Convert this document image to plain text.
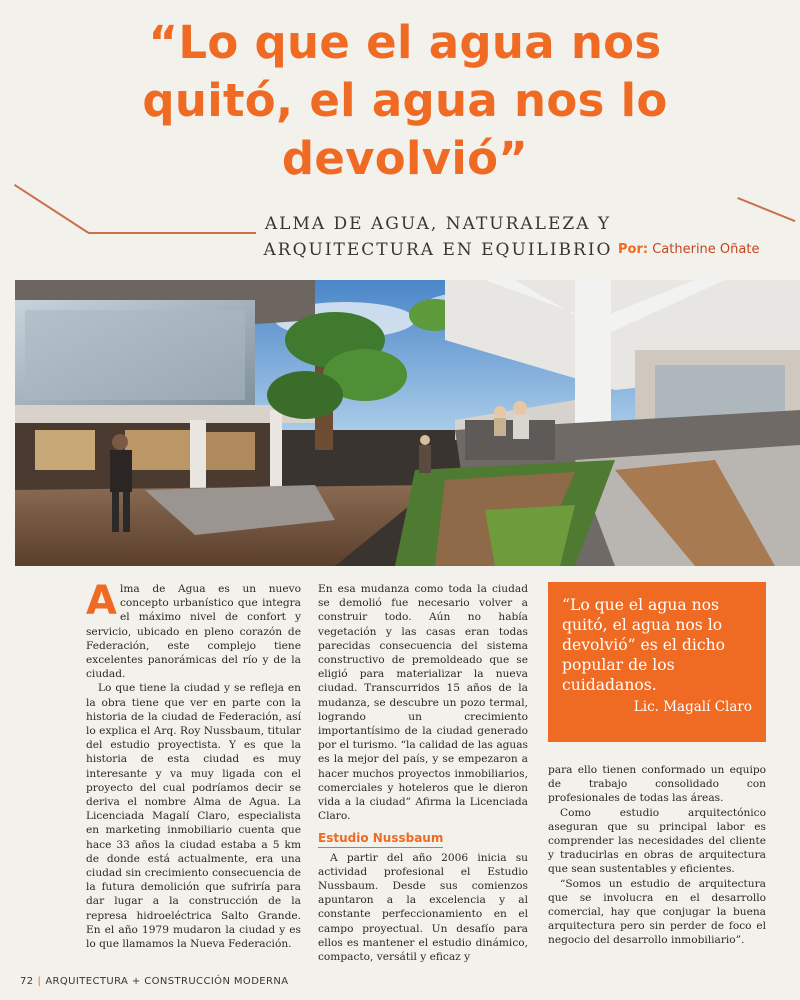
“Lo que el agua nos
quitó, el agua nos lo
devolvió”
ALMA DE AGUA, NATURALEZA Y
ARQUITECTURA EN EQUILIBRIO Por: Catherine Oñate

Alma de Agua es un nuevo concepto urbanístico que integra el máximo nivel de confort y servicio, ubicado en pleno corazón de Federación, este complejo tiene excelentes panorámicas del río y de la ciudad.

Lo que tiene la ciudad y se refleja en la obra tiene que ver en parte con la historia de la ciudad de Federación, así lo explica el Arq. Roy Nussbaum, titular del estudio proyectista. Y es que la historia de esta ciudad es muy interesante y va muy ligada con el proyecto del cual podríamos decir se deriva el nombre Alma de Agua. La Licenciada Magalí Claro, especialista en marketing inmobiliario cuenta que hace 33 años la ciudad estaba a 5 km de donde está actualmente, era una ciudad sin crecimiento consecuencia de la futura demolición que sufriría para dar lugar a la construcción de la represa hidroeléctrica Salto Grande. En el año 1979 mudaron la ciudad y es lo que llamamos la Nueva Federación.

En esa mudanza como toda la ciudad se demolió fue necesario volver a construir todo. Aún no había vegetación y las casas eran todas parecidas consecuencia del sistema constructivo de premoldeado que se eligió para materializar la nueva ciudad. Transcurridos 15 años de la mudanza, se descubre un pozo termal, logrando un crecimiento importantísimo de la ciudad generado por el turismo. “la calidad de las aguas es la mejor del país, y se empezaron a hacer muchos proyectos inmobiliarios, comerciales y hoteleros que le dieron vida a la ciudad” Afirma la Licenciada Claro.

Estudio Nussbaum

A partir del año 2006 inicia su actividad profesional el Estudio Nussbaum. Desde sus comienzos apuntaron a la excelencia y al constante perfeccionamiento en el campo proyectual. Un desafío para ellos es mantener el estudio dinámico, compacto, versátil y eficaz y

“Lo que el agua nos quitó, el agua nos lo devolvió” es el dicho popular de los cuidadanos.
Lic. Magalí Claro

para ello tienen conformado un equipo de trabajo consolidado con profesionales de todas las áreas.

Como estudio arquitectónico aseguran que su principal labor es comprender las necesidades del cliente y traducirlas en obras de arquitectura que sean sustentables y eficientes.

“Somos un estudio de arquitectura que se involucra en el desarrollo comercial, hay que conjugar la buena arquitectura pero sin perder de foco el negocio del desarrollo inmobiliario”.

72 | ARQUITECTURA + CONSTRUCCIÓN MODERNA
